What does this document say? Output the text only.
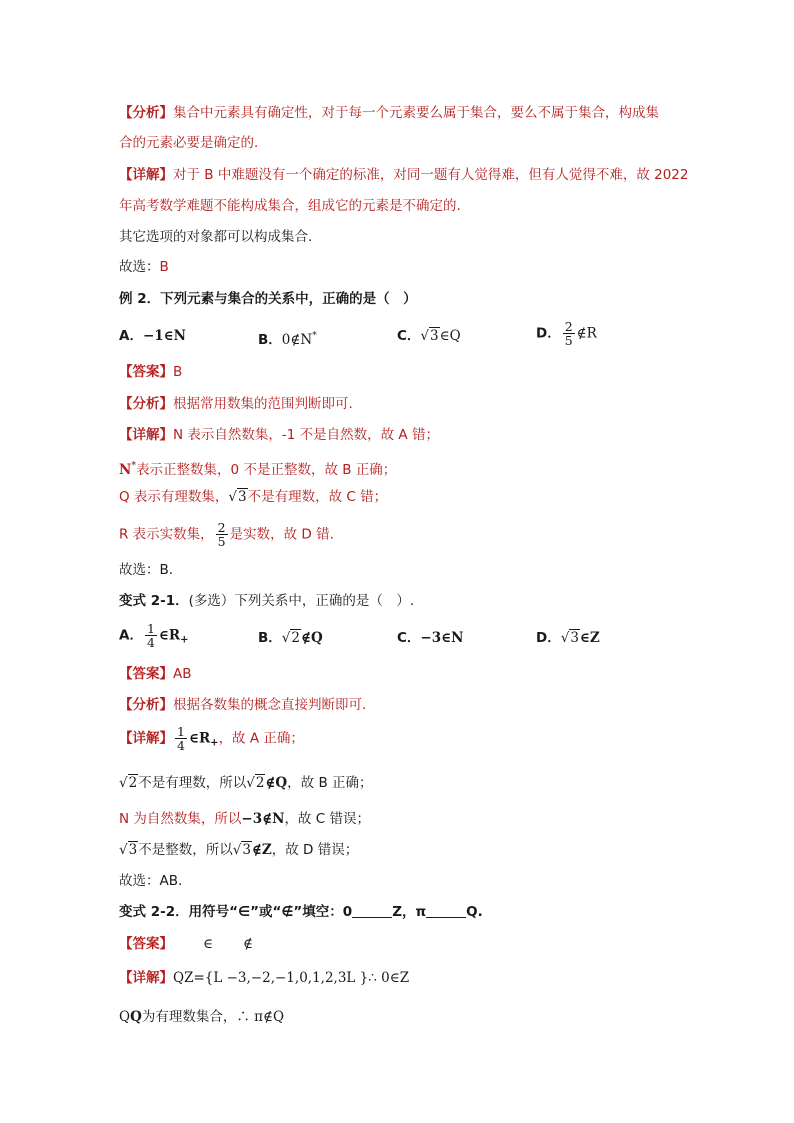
【分析】集合中元素具有确定性，对于每一个元素要么属于集合，要么不属于集合，构成集
合的元素必要是确定的.
【详解】对于 B 中难题没有一个确定的标准，对同一题有人觉得难，但有人觉得不难，故 2022
年高考数学难题不能构成集合，组成它的元素是不确定的.
其它选项的对象都可以构成集合.
故选：B
例 2．下列元素与集合的关系中，正确的是（　）
A．−1∈N	B．0∉N*	C．√3∈Q	D． $\frac{2}{5}$ ∉R
【答案】B
【分析】根据常用数集的范围判断即可.
【详解】N 表示自然数集，-1 不是自然数，故 A 错；
N*表示正整数集，0 不是正整数，故 B 正确；
Q 表示有理数集，√3不是有理数，故 C 错；
R 表示实数集， $\frac{2}{5}$ 是实数，故 D 错.
故选：B.
变式 2-1．(多选）下列关系中，正确的是（　）.
A． $\frac{1}{4}$ $\in R_+$	B．√2∉Q	C．−3∈N	D．√3∈Z
【答案】AB
【分析】根据各数集的概念直接判断即可.
【详解】 $\frac{1}{4}$ $\in R_+$，故 A 正确；
√2不是有理数，所以√2∉Q，故 B 正确；
N 为自然数集，所以−3∉N，故 C 错误；
√3不是整数，所以√3∉Z，故 D 错误；
故选：AB.
变式 2-2．用符号“∈”或“∉”填空：0	Z，π	Q.
【答案】 ∈ ∉
【详解】QZ={L −3,−2,−1,0,1,2,3L }∴ 0∈Z
QQ为有理数集合，∴ π∉Q
